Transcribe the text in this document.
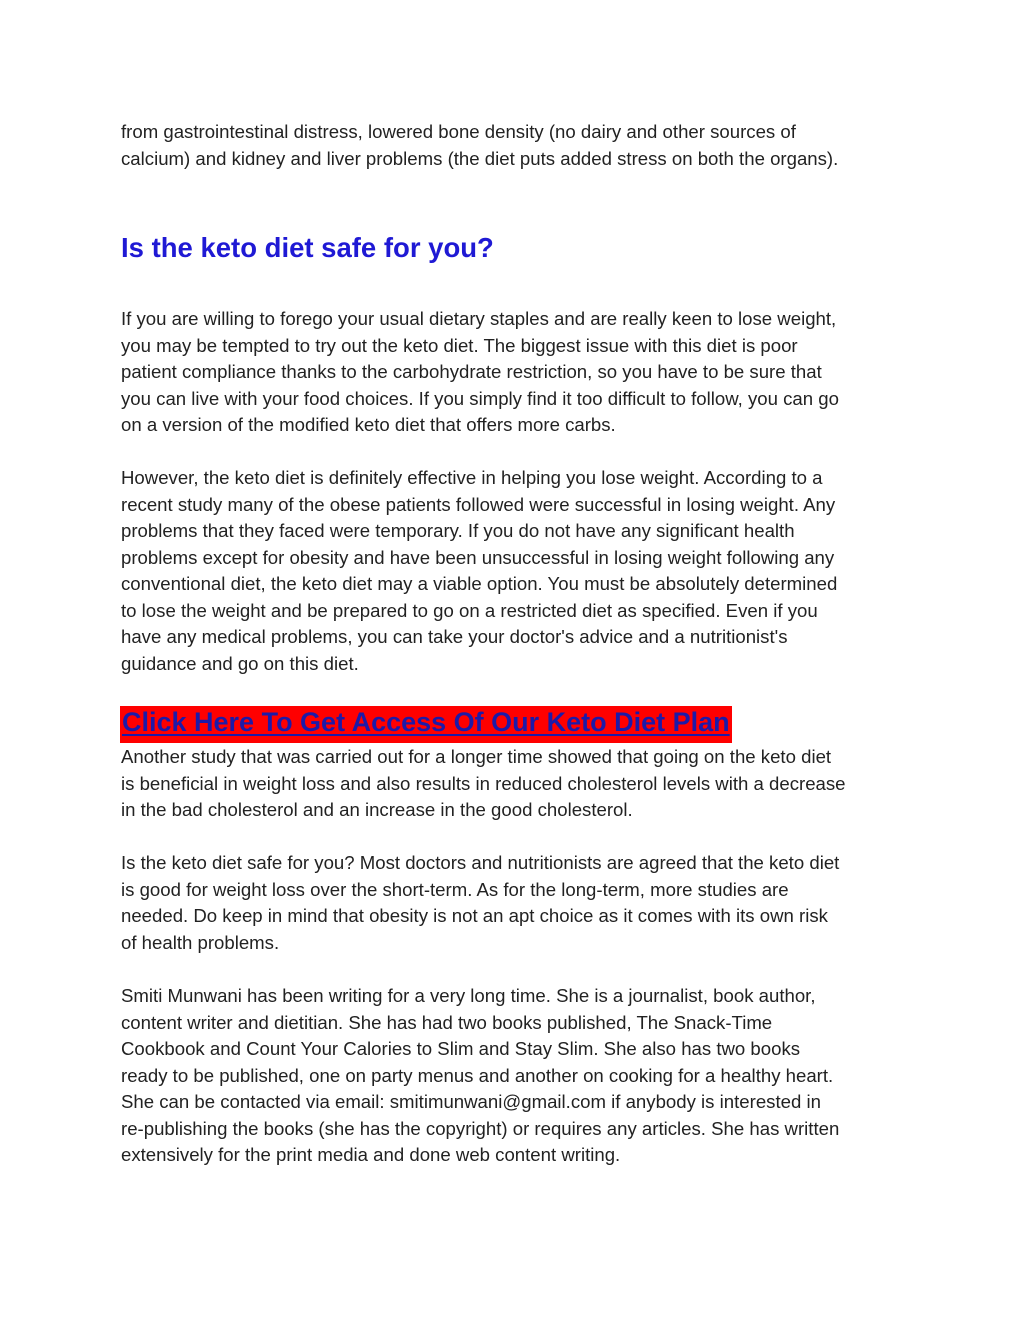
from gastrointestinal distress, lowered bone density (no dairy and other sources of
calcium) and kidney and liver problems (the diet puts added stress on both the organs).

Is the keto diet safe for you?

If you are willing to forego your usual dietary staples and are really keen to lose weight,
you may be tempted to try out the keto diet. The biggest issue with this diet is poor
patient compliance thanks to the carbohydrate restriction, so you have to be sure that
you can live with your food choices. If you simply find it too difficult to follow, you can go
on a version of the modified keto diet that offers more carbs.

However, the keto diet is definitely effective in helping you lose weight. According to a
recent study many of the obese patients followed were successful in losing weight. Any
problems that they faced were temporary. If you do not have any significant health
problems except for obesity and have been unsuccessful in losing weight following any
conventional diet, the keto diet may a viable option. You must be absolutely determined
to lose the weight and be prepared to go on a restricted diet as specified. Even if you
have any medical problems, you can take your doctor's advice and a nutritionist's
guidance and go on this diet.

Click Here To Get Access Of Our Keto Diet Plan

Another study that was carried out for a longer time showed that going on the keto diet
is beneficial in weight loss and also results in reduced cholesterol levels with a decrease
in the bad cholesterol and an increase in the good cholesterol.

Is the keto diet safe for you? Most doctors and nutritionists are agreed that the keto diet
is good for weight loss over the short-term. As for the long-term, more studies are
needed. Do keep in mind that obesity is not an apt choice as it comes with its own risk
of health problems.

Smiti Munwani has been writing for a very long time. She is a journalist, book author,
content writer and dietitian. She has had two books published, The Snack-Time
Cookbook and Count Your Calories to Slim and Stay Slim. She also has two books
ready to be published, one on party menus and another on cooking for a healthy heart.
She can be contacted via email: smitimunwani@gmail.com if anybody is interested in
re-publishing the books (she has the copyright) or requires any articles. She has written
extensively for the print media and done web content writing.
